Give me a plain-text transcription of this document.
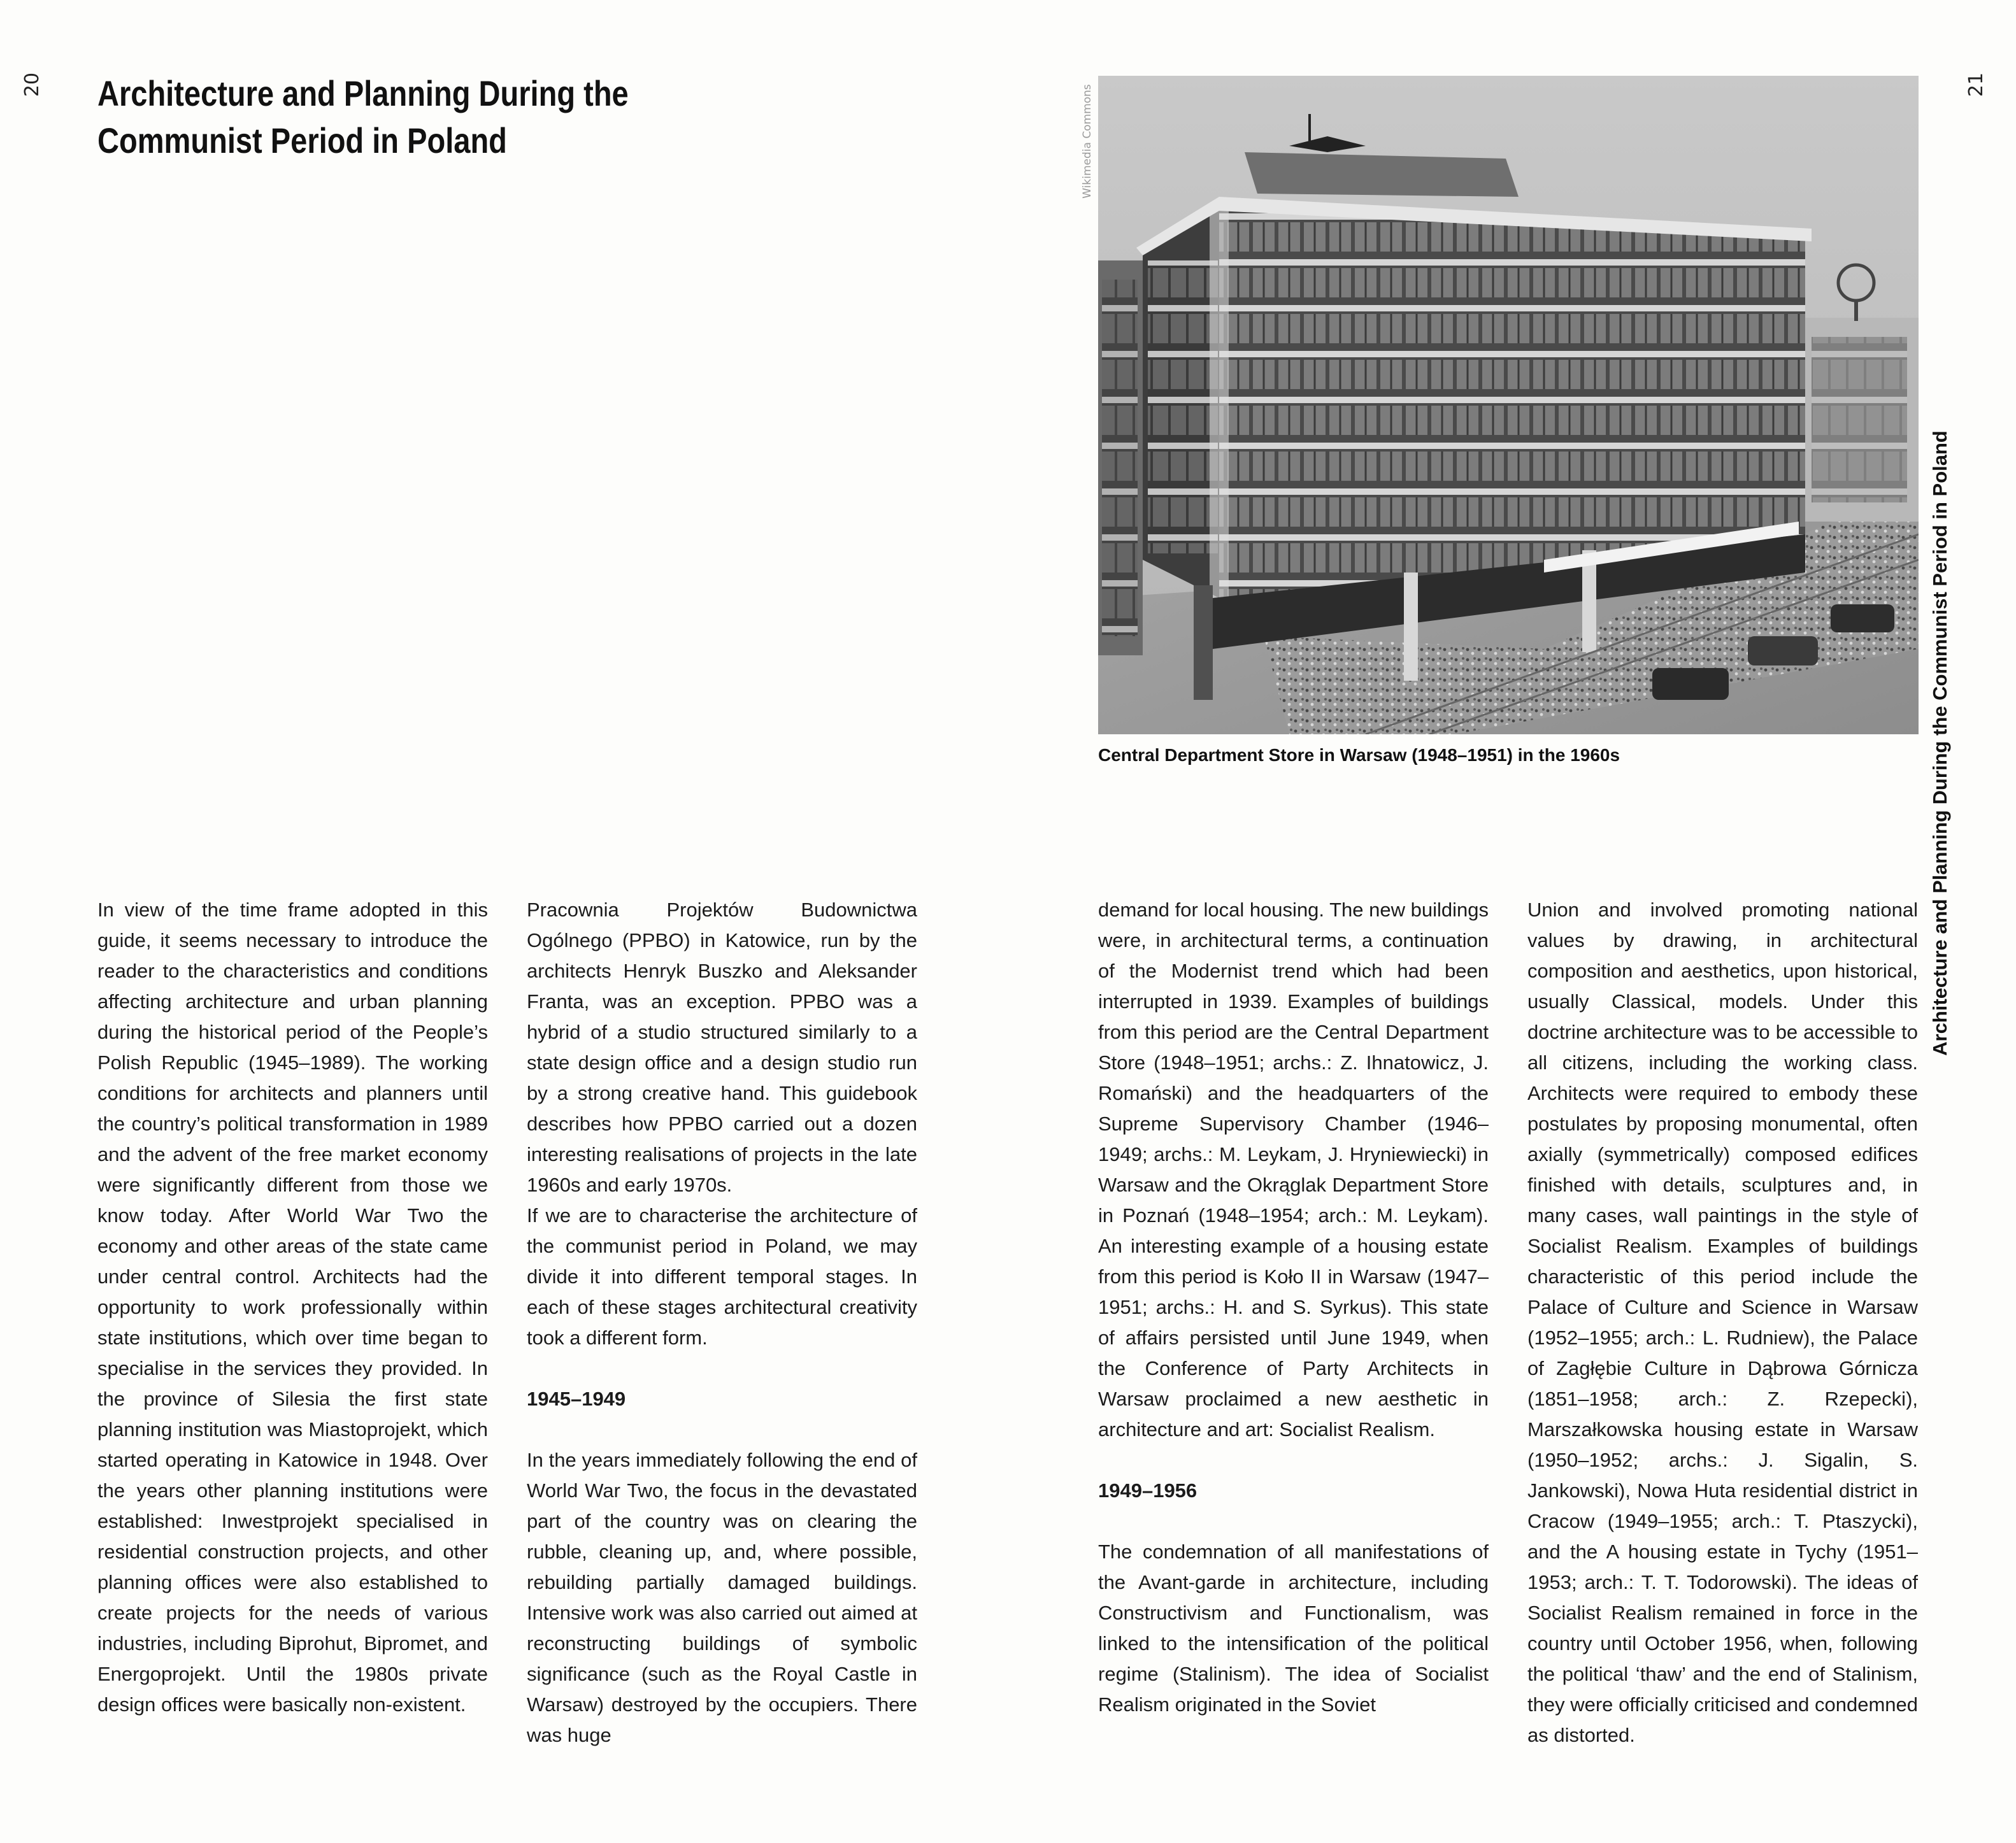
20	21
Architecture and Planning During the Communist Period in Poland
Architecture and Planning During the Communist Period in Poland
Wikimedia Commons

Central Department Store in Warsaw (1948–1951) in the 1960s

In view of the time frame adopted in this guide, it seems necessary to introduce the reader to the characteristics and conditions affecting architecture and urban planning during the historical period of the People’s Polish Republic (1945–1989). The working conditions for architects and planners until the country’s political transformation in 1989 and the advent of the free market economy were significantly different from those we know today. After World War Two the economy and other areas of the state came under central control. Architects had the opportunity to work professionally within state institutions, which over time began to specialise in the services they provided. In the province of Silesia the first state planning institution was Miastoprojekt, which started operating in Katowice in 1948. Over the years other planning institutions were established: Inwestprojekt specialised in residential construction projects, and other planning offices were also established to create projects for the needs of various industries, including Biprohut, Bipromet, and Energoprojekt. Until the 1980s private design offices were basically non-existent.

Pracownia Projektów Budownictwa Ogólnego (PPBO) in Katowice, run by the architects Henryk Buszko and Aleksander Franta, was an exception. PPBO was a hybrid of a studio structured similarly to a state design office and a design studio run by a strong creative hand. This guidebook describes how PPBO carried out a dozen interesting realisations of projects in the late 1960s and early 1970s.

If we are to characterise the architecture of the communist period in Poland, we may divide it into different temporal stages. In each of these stages architectural creativity took a different form.

1945–1949

In the years immediately following the end of World War Two, the focus in the devastated part of the country was on clearing the rubble, cleaning up, and, where possible, rebuilding partially damaged buildings. Intensive work was also carried out aimed at reconstructing buildings of symbolic significance (such as the Royal Castle in Warsaw) destroyed by the occupiers. There was huge

demand for local housing. The new buildings were, in architectural terms, a continuation of the Modernist trend which had been interrupted in 1939. Examples of buildings from this period are the Central Department Store (1948–1951; archs.: Z. Ihnatowicz, J. Romański) and the headquarters of the Supreme Supervisory Chamber (1946–1949; archs.: M. Leykam, J. Hryniewiecki) in Warsaw and the Okrąglak Department Store in Poznań (1948–1954; arch.: M. Leykam). An interesting example of a housing estate from this period is Koło II in Warsaw (1947–1951; archs.: H. and S. Syrkus). This state of affairs persisted until June 1949, when the Conference of Party Architects in Warsaw proclaimed a new aesthetic in architecture and art: Socialist Realism.

1949–1956

The condemnation of all manifestations of the Avant-garde in architecture, including Constructivism and Functionalism, was linked to the intensification of the political regime (Stalinism). The idea of Socialist Realism originated in the Soviet

Union and involved promoting national values by drawing, in architectural composition and aesthetics, upon historical, usually Classical, models. Under this doctrine architecture was to be accessible to all citizens, including the working class. Architects were required to embody these postulates by proposing monumental, often axially (symmetrically) composed edifices finished with details, sculptures and, in many cases, wall paintings in the style of Socialist Realism. Examples of buildings characteristic of this period include the Palace of Culture and Science in Warsaw (1952–1955; arch.: L. Rudniew), the Palace of Zagłębie Culture in Dąbrowa Górnicza (1851–1958; arch.: Z. Rzepecki), Marszałkowska housing estate in Warsaw (1950–1952; archs.: J. Sigalin, S. Jankowski), Nowa Huta residential district in Cracow (1949–1955; arch.: T. Ptaszycki), and the A housing estate in Tychy (1951–1953; arch.: T. T. Todorowski). The ideas of Socialist Realism remained in force in the country until October 1956, when, following the political ‘thaw’ and the end of Stalinism, they were officially criticised and condemned as distorted.
